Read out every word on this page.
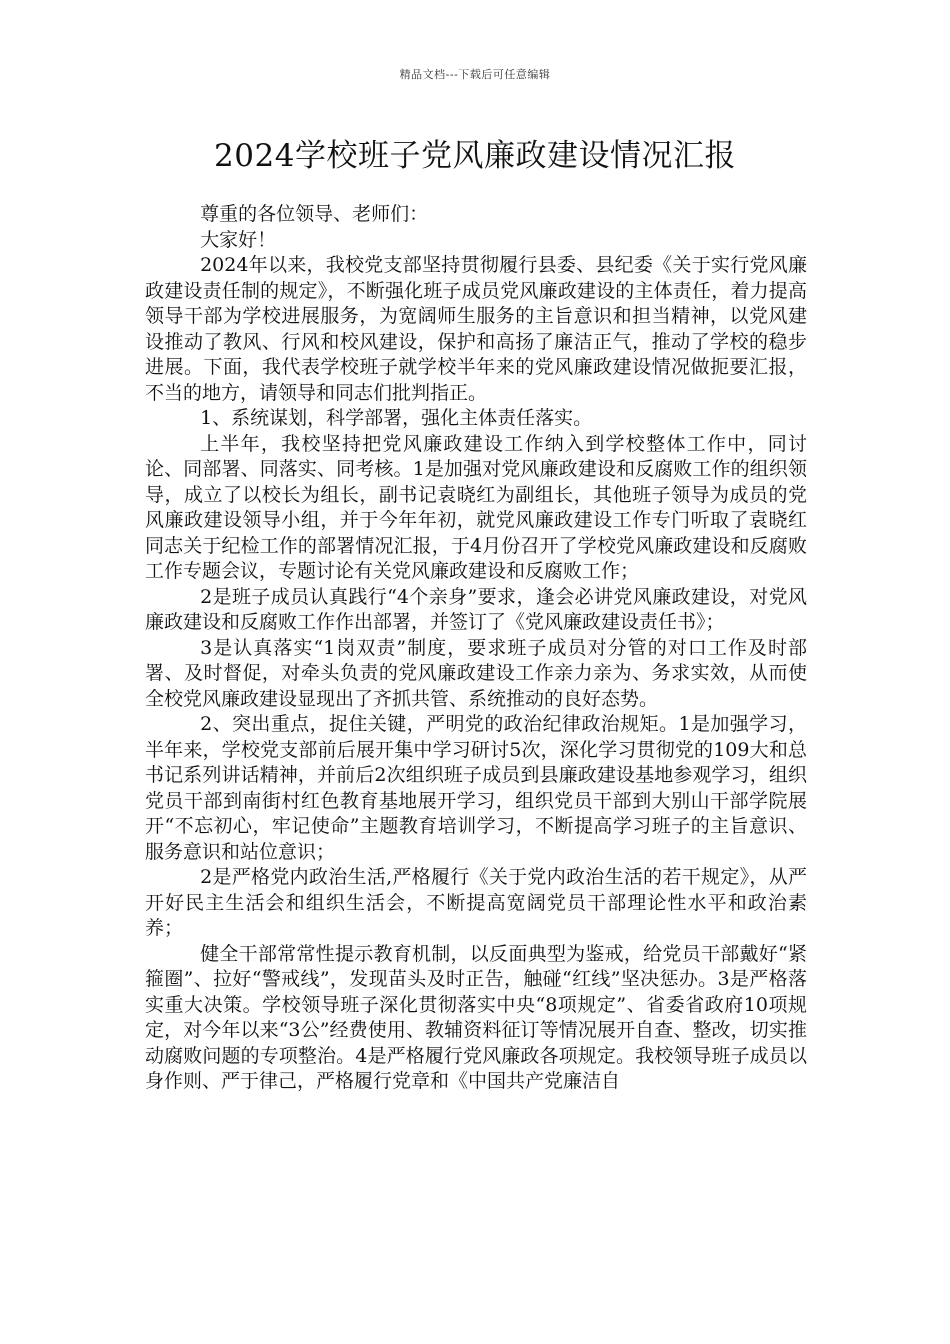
精品文档---下载后可任意编辑
2024学校班子党风廉政建设情况汇报

尊重的各位领导、老师们：

大家好！

2024年以来，我校党支部坚持贯彻履行县委、县纪委《关于实行党风廉政建设责任制的规定》，不断强化班子成员党风廉政建设的主体责任，着力提高领导干部为学校进展服务，为宽阔师生服务的主旨意识和担当精神，以党风建设推动了教风、行风和校风建设，保护和高扬了廉洁正气，推动了学校的稳步进展。下面，我代表学校班子就学校半年来的党风廉政建设情况做扼要汇报，不当的地方，请领导和同志们批判指正。

1、系统谋划，科学部署，强化主体责任落实。

上半年，我校坚持把党风廉政建设工作纳入到学校整体工作中，同讨论、同部署、同落实、同考核。1是加强对党风廉政建设和反腐败工作的组织领导，成立了以校长为组长，副书记袁晓红为副组长，其他班子领导为成员的党风廉政建设领导小组，并于今年年初，就党风廉政建设工作专门听取了袁晓红同志关于纪检工作的部署情况汇报，于4月份召开了学校党风廉政建设和反腐败工作专题会议，专题讨论有关党风廉政建设和反腐败工作；

2是班子成员认真践行“4个亲身”要求，逢会必讲党风廉政建设，对党风廉政建设和反腐败工作作出部署，并签订了《党风廉政建设责任书》；

3是认真落实“1岗双责”制度，要求班子成员对分管的对口工作及时部署、及时督促，对牵头负责的党风廉政建设工作亲力亲为、务求实效，从而使全校党风廉政建设显现出了齐抓共管、系统推动的良好态势。

2、突出重点，捉住关键，严明党的政治纪律政治规矩。1是加强学习，半年来，学校党支部前后展开集中学习研讨5次，深化学习贯彻党的109大和总书记系列讲话精神，并前后2次组织班子成员到县廉政建设基地参观学习，组织党员干部到南街村红色教育基地展开学习，组织党员干部到大别山干部学院展开“不忘初心，牢记使命”主题教育培训学习，不断提高学习班子的主旨意识、服务意识和站位意识；

2是严格党内政治生活,严格履行《关于党内政治生活的若干规定》，从严开好民主生活会和组织生活会，不断提高宽阔党员干部理论性水平和政治素养；

健全干部常常性提示教育机制，以反面典型为鉴戒，给党员干部戴好“紧箍圈”、拉好“警戒线”，发现苗头及时正告，触碰“红线”坚决惩办。3是严格落实重大决策。学校领导班子深化贯彻落实中央“8项规定”、省委省政府10项规定，对今年以来“3公”经费使用、教辅资料征订等情况展开自查、整改，切实推动腐败问题的专项整治。4是严格履行党风廉政各项规定。我校领导班子成员以身作则、严于律己，严格履行党章和《中国共产党廉洁自
